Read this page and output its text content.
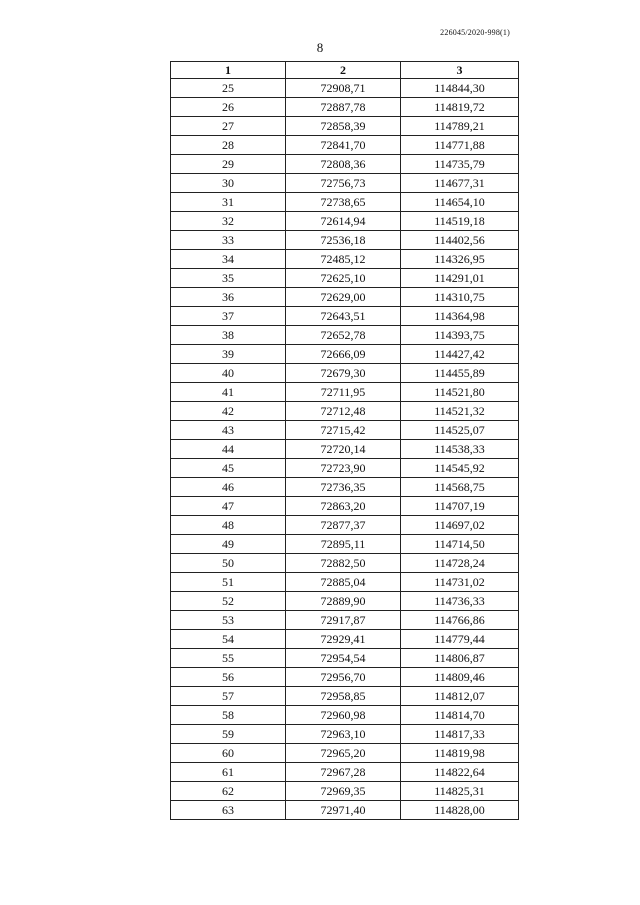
226045/2020-998(1)
8
1	2	3
25	72908,71	114844,30
26	72887,78	114819,72
27	72858,39	114789,21
28	72841,70	114771,88
29	72808,36	114735,79
30	72756,73	114677,31
31	72738,65	114654,10
32	72614,94	114519,18
33	72536,18	114402,56
34	72485,12	114326,95
35	72625,10	114291,01
36	72629,00	114310,75
37	72643,51	114364,98
38	72652,78	114393,75
39	72666,09	114427,42
40	72679,30	114455,89
41	72711,95	114521,80
42	72712,48	114521,32
43	72715,42	114525,07
44	72720,14	114538,33
45	72723,90	114545,92
46	72736,35	114568,75
47	72863,20	114707,19
48	72877,37	114697,02
49	72895,11	114714,50
50	72882,50	114728,24
51	72885,04	114731,02
52	72889,90	114736,33
53	72917,87	114766,86
54	72929,41	114779,44
55	72954,54	114806,87
56	72956,70	114809,46
57	72958,85	114812,07
58	72960,98	114814,70
59	72963,10	114817,33
60	72965,20	114819,98
61	72967,28	114822,64
62	72969,35	114825,31
63	72971,40	114828,00
